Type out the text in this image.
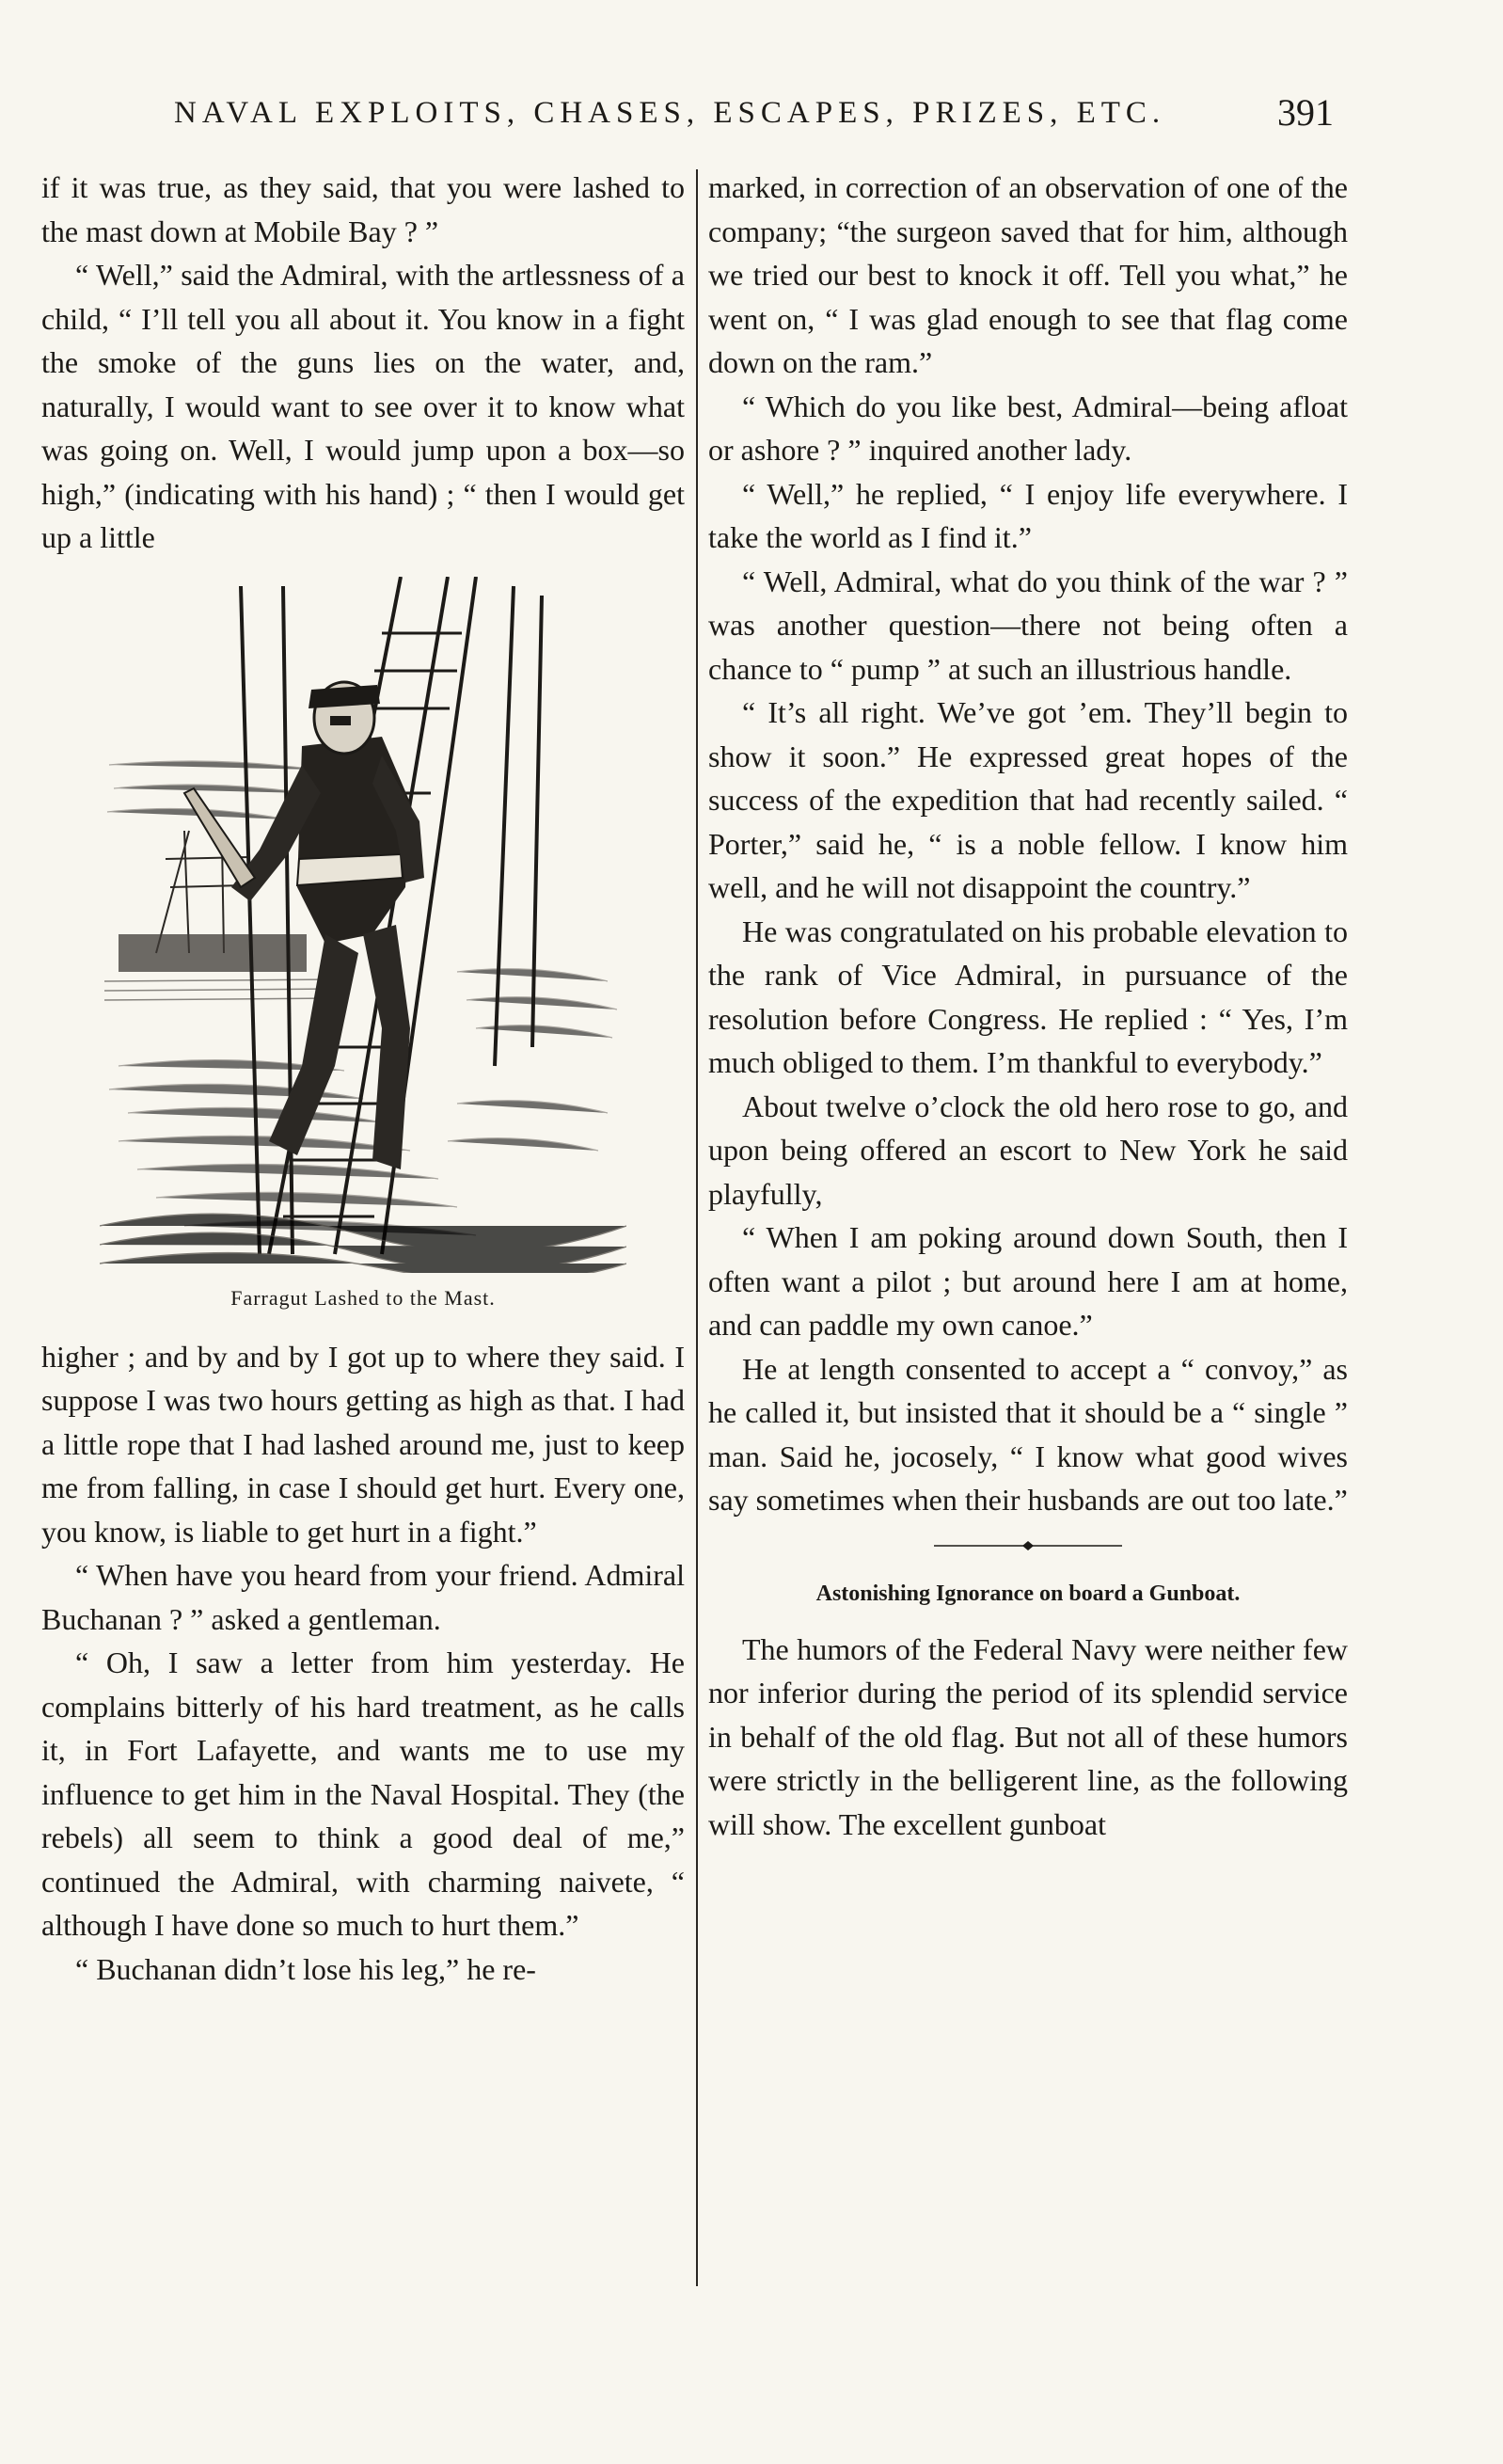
NAVAL EXPLOITS, CHASES, ESCAPES, PRIZES, ETC.	391

if it was true, as they said, that you were lashed to the mast down at Mobile Bay ? ”

“ Well,” said the Admiral, with the artlessness of a child, “ I’ll tell you all about it. You know in a fight the smoke of the guns lies on the water, and, naturally, I would want to see over it to know what was going on. Well, I would jump upon a box—so high,” (indicating with his hand) ; “ then I would get up a little

Farragut Lashed to the Mast.

higher ; and by and by I got up to where they said. I suppose I was two hours getting as high as that. I had a little rope that I had lashed around me, just to keep me from falling, in case I should get hurt. Every one, you know, is liable to get hurt in a fight.”

“ When have you heard from your friend. Admiral Buchanan ? ” asked a gentleman.

“ Oh, I saw a letter from him yesterday. He complains bitterly of his hard treatment, as he calls it, in Fort Lafayette, and wants me to use my influence to get him in the Naval Hospital. They (the rebels) all seem to think a good deal of me,” continued the Admiral, with charming naivete, “ although I have done so much to hurt them.”

“ Buchanan didn’t lose his leg,” he re-

marked, in correction of an observation of one of the company; “the surgeon saved that for him, although we tried our best to knock it off. Tell you what,” he went on, “ I was glad enough to see that flag come down on the ram.”

“ Which do you like best, Admiral—being afloat or ashore ? ” inquired another lady.

“ Well,” he replied, “ I enjoy life everywhere. I take the world as I find it.”

“ Well, Admiral, what do you think of the war ? ” was another question—there not being often a chance to “ pump ” at such an illustrious handle.

“ It’s all right. We’ve got ’em. They’ll begin to show it soon.” He expressed great hopes of the success of the expedition that had recently sailed. “ Porter,” said he, “ is a noble fellow. I know him well, and he will not disappoint the country.”

He was congratulated on his probable elevation to the rank of Vice Admiral, in pursuance of the resolution before Congress. He replied : “ Yes, I’m much obliged to them. I’m thankful to everybody.”

About twelve o’clock the old hero rose to go, and upon being offered an escort to New York he said playfully,

“ When I am poking around down South, then I often want a pilot ; but around here I am at home, and can paddle my own canoe.”

He at length consented to accept a “ convoy,” as he called it, but insisted that it should be a “ single ” man. Said he, jocosely, “ I know what good wives say sometimes when their husbands are out too late.”

Astonishing Ignorance on board a Gunboat.

The humors of the Federal Navy were neither few nor inferior during the period of its splendid service in behalf of the old flag. But not all of these humors were strictly in the belligerent line, as the following will show. The excellent gunboat
